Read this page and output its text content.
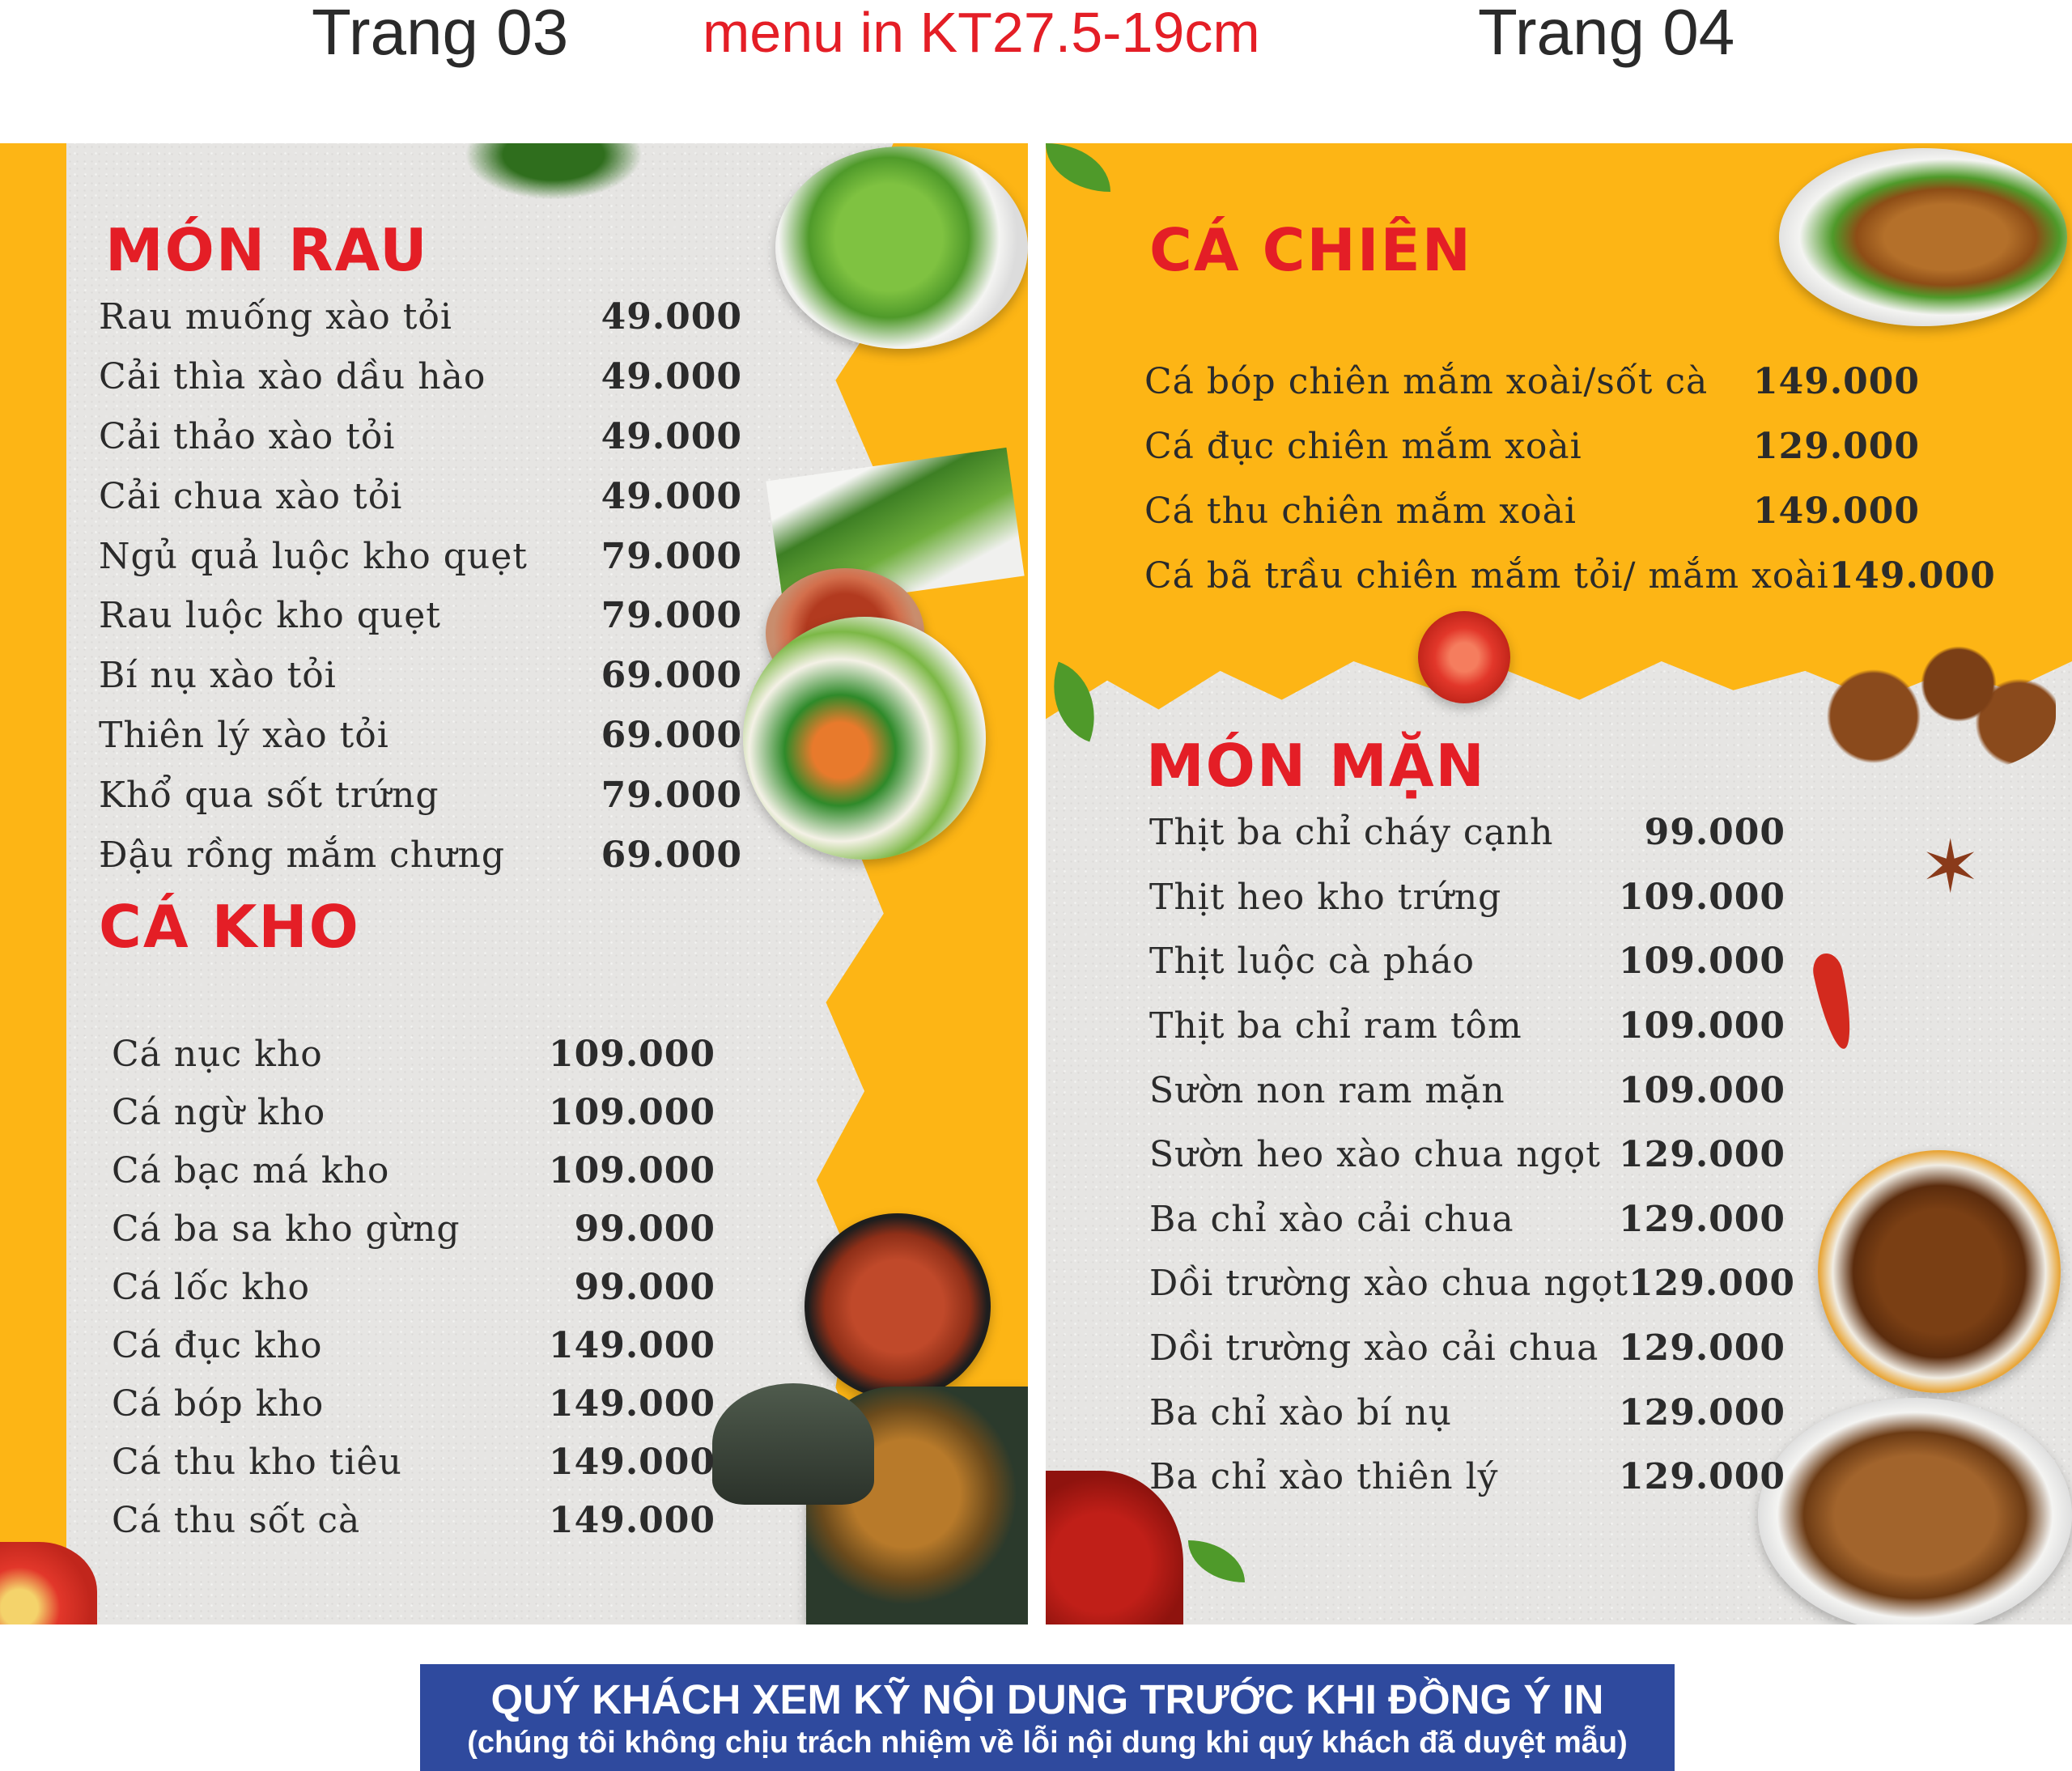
Trang 03 menu in KT27.5-19cm	Trang 04
MÓN RAU
Rau muống xào tỏi	49.000
Cải thìa xào dầu hào	49.000
Cải thảo xào tỏi	49.000
Cải chua xào tỏi	49.000
Ngủ quả luộc kho quẹt 79.000
Rau luộc kho quẹt	79.000
Bí nụ xào tỏi	69.000
Thiên lý xào tỏi	69.000
Khổ qua sốt trứng	79.000
Đậu rồng mắm chưng	69.000
CÁ KHO
Cá nục kho	109.000
Cá ngừ kho	109.000
Cá bạc má kho	109.000
Cá ba sa kho gừng	99.000
Cá lốc kho	99.000
Cá đục kho	149.000
Cá bóp kho	149.000
Cá thu kho tiêu	149.000
Cá thu sốt cà	149.000
✶
CÁ CHIÊN
Cá bóp chiên mắm xoài/sốt cà 149.000
Cá đục chiên mắm xoài	129.000
Cá thu chiên mắm xoài	149.000
Cá bã trầu chiên mắm tỏi/ mắm xoài 149.000
MÓN MẶN
Thịt ba chỉ cháy cạnh	99.000
Thịt heo kho trứng	109.000
Thịt luộc cà pháo	109.000
Thịt ba chỉ ram tôm	109.000
Sườn non ram mặn	109.000
Sườn heo xào chua ngọt 129.000
Ba chỉ xào cải chua	129.000
Dồi trường xào chua ngọt 129.000
Dồi trường xào cải chua 129.000
Ba chỉ xào bí nụ	129.000
Ba chỉ xào thiên lý	129.000
QUÝ KHÁCH XEM KỸ NỘI DUNG TRƯỚC KHI ĐỒNG Ý IN
(chúng tôi không chịu trách nhiệm về lỗi nội dung khi quý khách đã duyệt mẫu)
